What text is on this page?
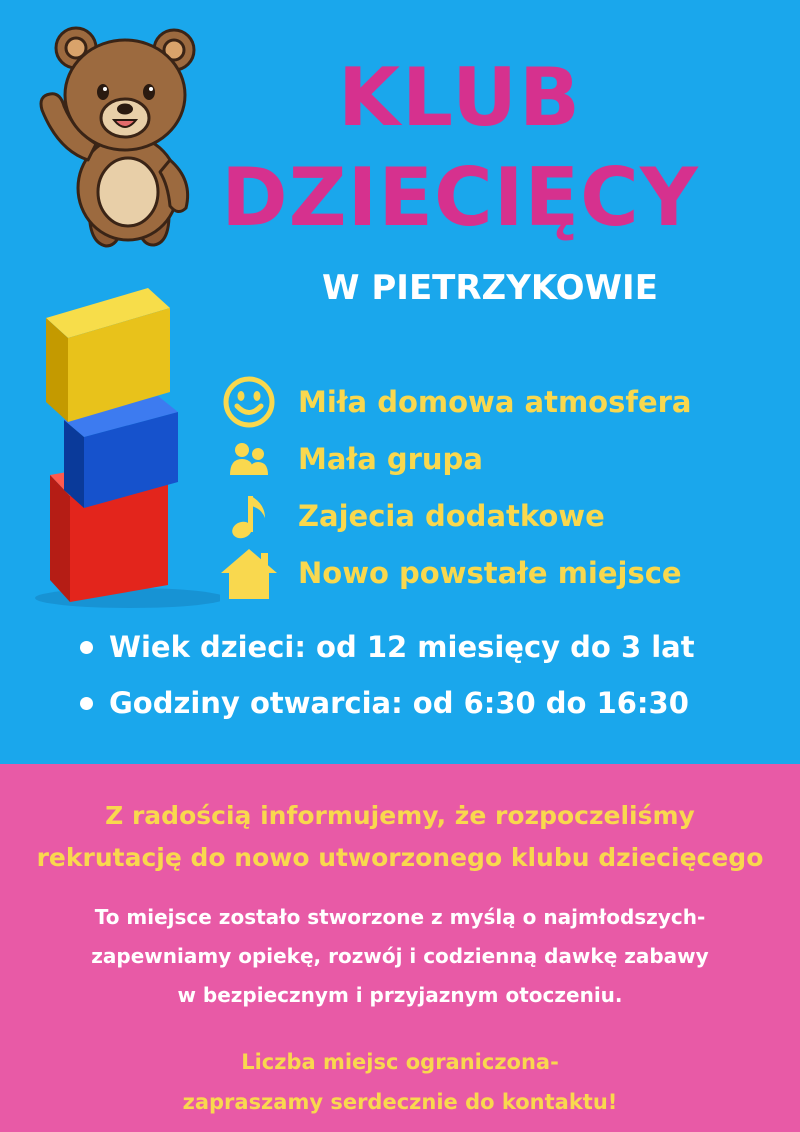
KLUB
DZIECIĘCY
W PIETRZYKOWIE
Miła domowa atmosfera
Mała grupa
Zajecia dodatkowe
Nowo powstałe miejsce
Wiek dzieci: od 12 miesięcy do 3 lat
Godziny otwarcia: od 6:30 do 16:30
Z radością informujemy, że rozpoczeliśmy
rekrutację do nowo utworzonego klubu dziecięcego
To miejsce zostało stworzone z myślą o najmłodszych-
zapewniamy opiekę, rozwój i codzienną dawkę zabawy
w bezpiecznym i przyjaznym otoczeniu.
Liczba miejsc ograniczona-
zapraszamy serdecznie do kontaktu!
